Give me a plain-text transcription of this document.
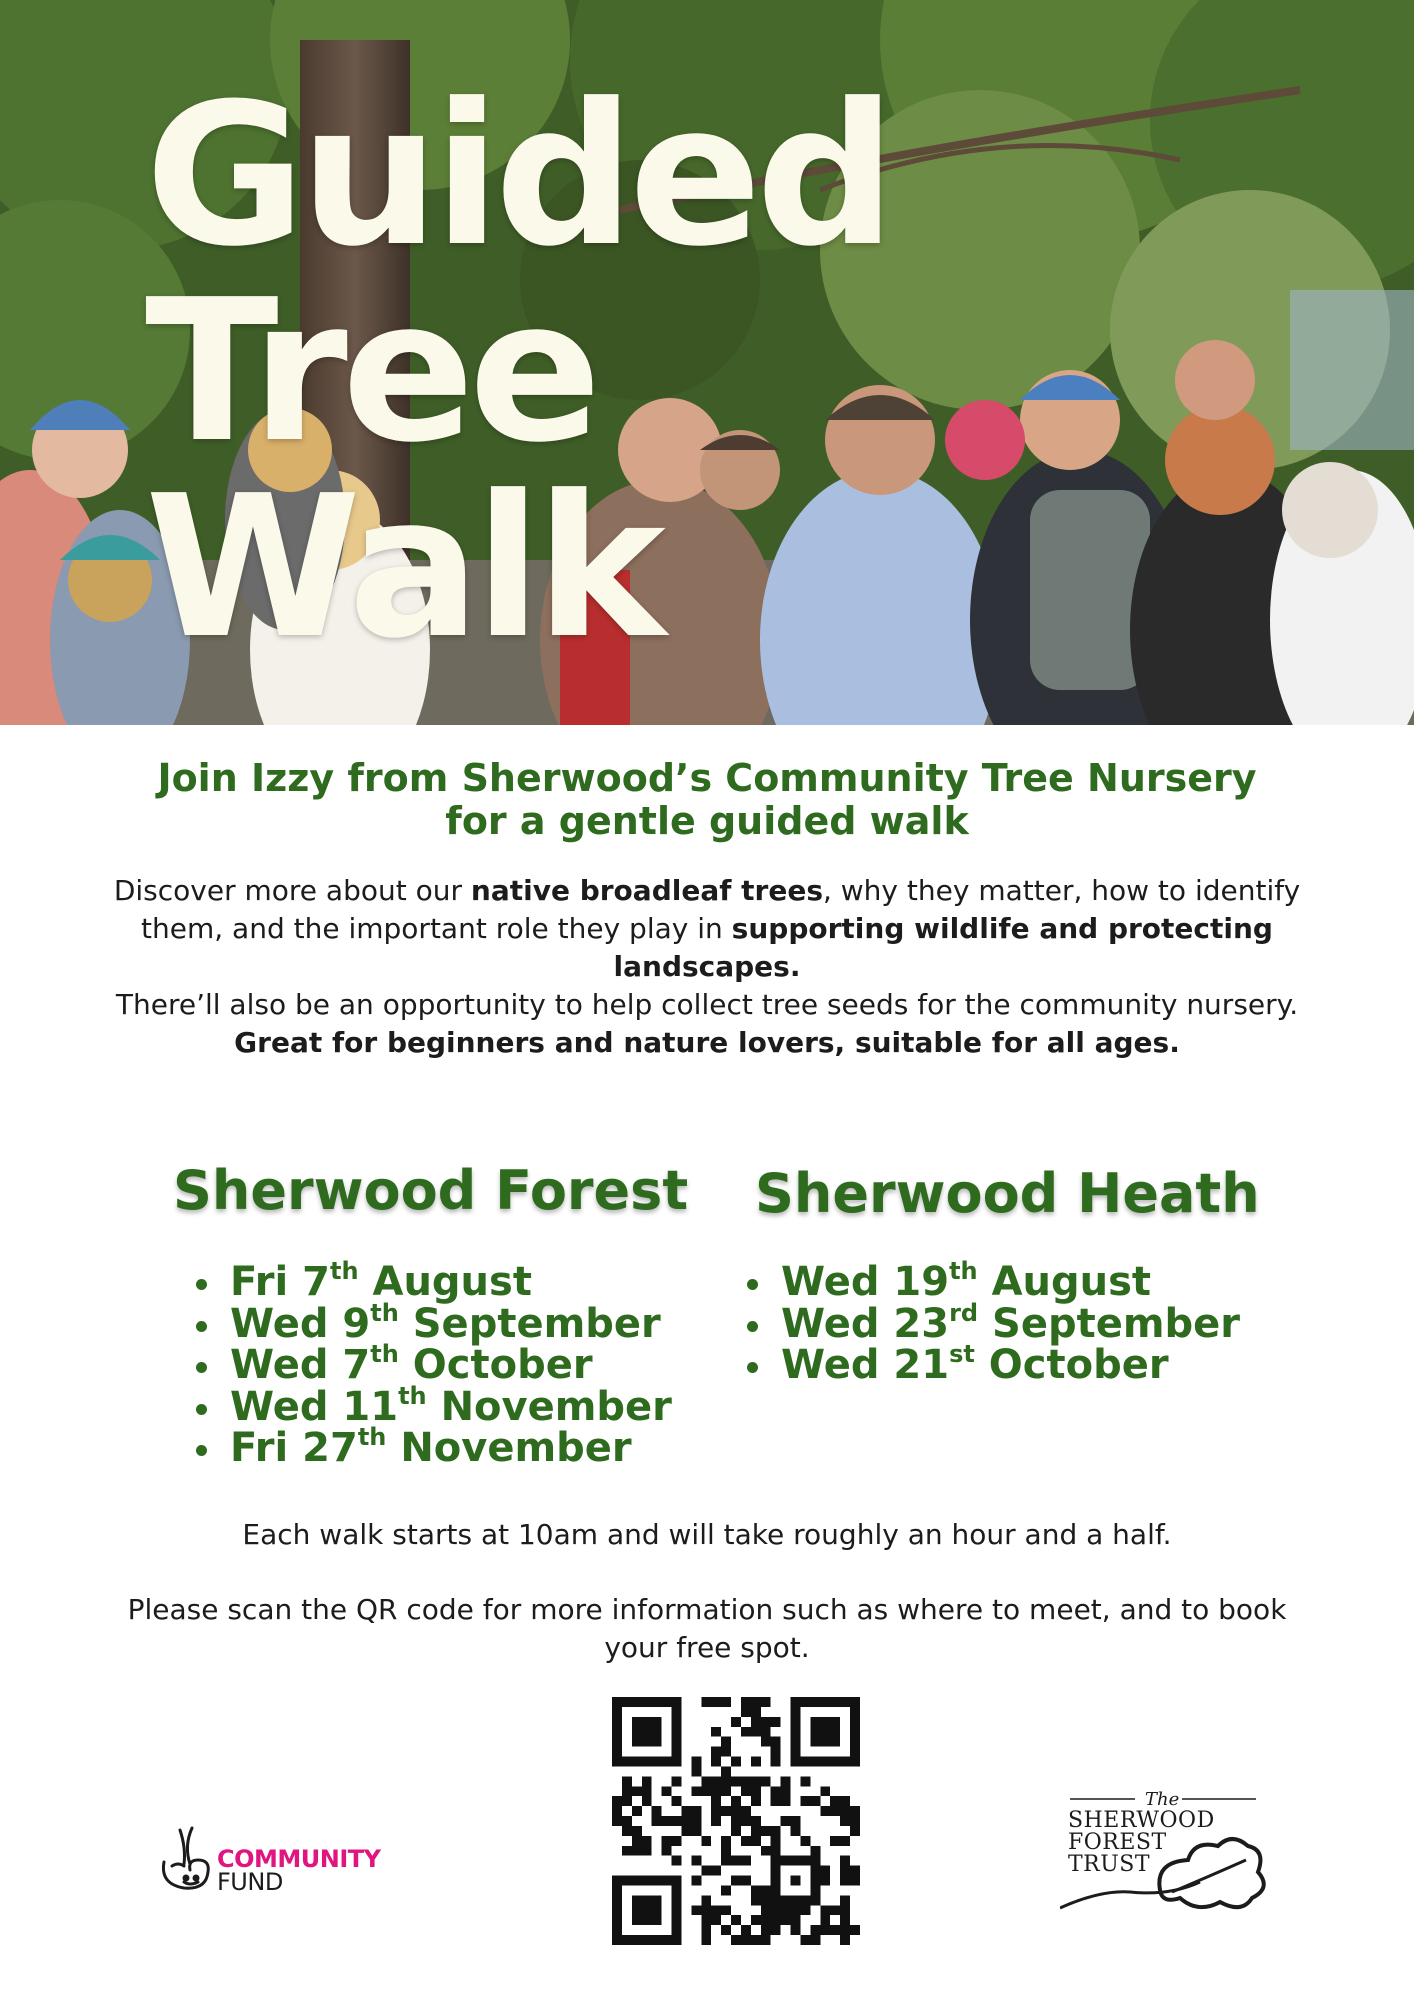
Guided
Tree
Walk
Join Izzy from Sherwood’s Community Tree Nursery
for a gentle guided walk
Discover more about our native broadleaf trees, why they matter, how to identify them, and the important role they play in supporting wildlife and protecting landscapes.
There’ll also be an opportunity to help collect tree seeds for the community nursery.
Great for beginners and nature lovers, suitable for all ages.
Sherwood Forest Sherwood Heath
Fri 7th August
Wed 9th September
Wed 7th October
Wed 11th November
Fri 27th November
Wed 19th August
Wed 23rd September
Wed 21st October

Each walk starts at 10am and will take roughly an hour and a half.

Please scan the QR code for more information such as where to meet, and to book your free spot.

COMMUNITY
FUND
The
SHERWOOD
FOREST
TRUST
